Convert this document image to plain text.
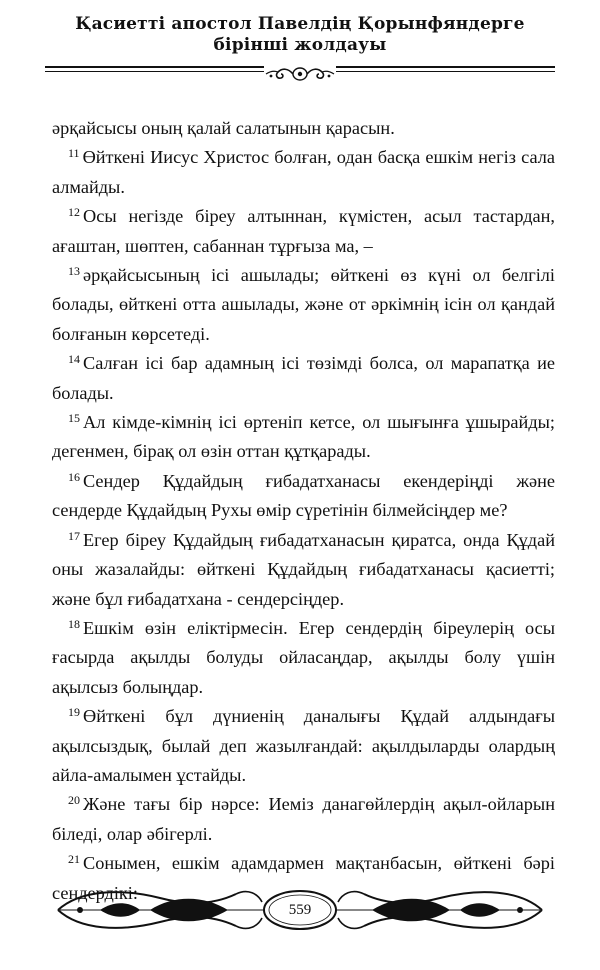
Қасиетті апостол Павелдің Қорынфяндерге
бірінші жолдауы

әрқайсысы оның қалай салатынын қарасын.

$^{11}$ Өйткені Иисус Христос болған, одан басқа ешкім негіз сала алмайды.

$^{12}$ Осы негізде біреу алтыннан, күмістен, асыл тастардан, ағаштан, шөптен, сабаннан тұрғыза ма, –

$^{13}$ әрқайсысының ісі ашылады; өйткені өз күні ол белгілі болады, өйткені отта ашылады, және от әркімнің ісін ол қандай болғанын көрсетеді.

$^{14}$ Салған ісі бар адамның ісі төзімді болса, ол марапатқа ие болады.

$^{15}$ Ал кімде-кімнің ісі өртеніп кетсе, ол шығынға ұшырайды; дегенмен, бірақ ол өзін оттан құтқарады.

$^{16}$ Сендер Құдайдың ғибадатханасы екендеріңді және сендерде Құдайдың Рухы өмір сүретінін білмейсіңдер ме?

$^{17}$ Егер біреу Құдайдың ғибадатханасын қиратса, онда Құдай оны жазалайды: өйткені Құдайдың ғибадатханасы қасиетті; және бұл ғибадатхана - сендерсіңдер.

$^{18}$ Ешкім өзін еліктірмесін. Егер сендердің біреулерің осы ғасырда ақылды болуды ойласаңдар, ақылды болу үшін ақылсыз болыңдар.

$^{19}$ Өйткені бұл дүниенің даналығы Құдай алдындағы ақылсыздық, былай деп жазылғандай: ақылдыларды олардың айла-амалымен ұстайды.

$^{20}$ Және тағы бір нәрсе: Иеміз данагөйлердің ақыл-ойларын біледі, олар әбігерлі.

$^{21}$ Сонымен, ешкім адамдармен мақтанбасын, өйткені бәрі сендердікі:

559
